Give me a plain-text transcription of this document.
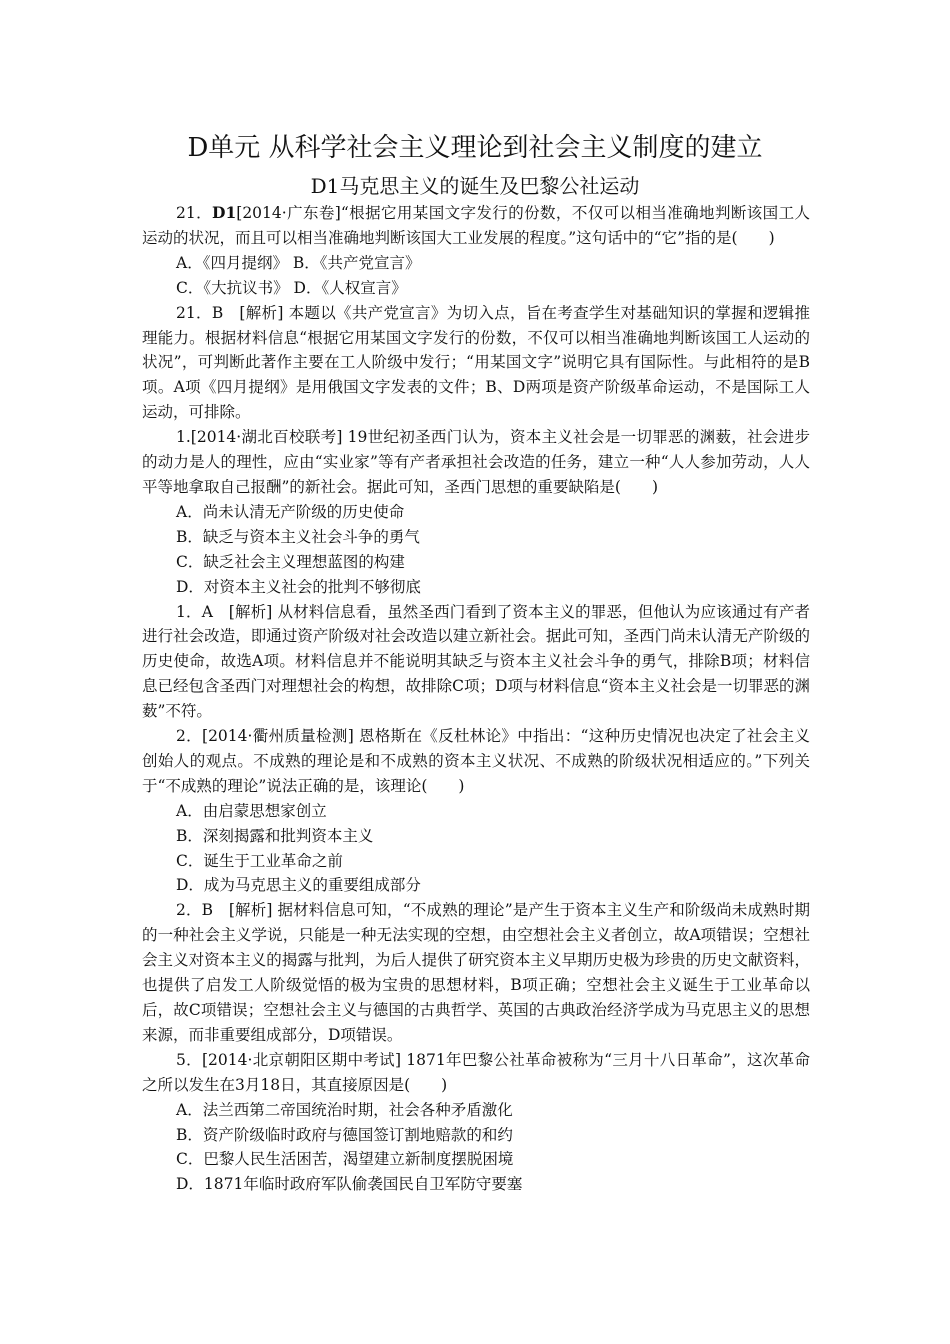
D单元 从科学社会主义理论到社会主义制度的建立
D1马克思主义的诞生及巴黎公社运动

21．D1[2014·广东卷]“根据它用某国文字发行的份数，不仅可以相当准确地判断该国工人运动的状况，而且可以相当准确地判断该国大工业发展的程度。”这句话中的“它”指的是(　　)

A．《四月提纲》 B．《共产党宣言》

C．《大抗议书》 D．《人权宣言》

21．B　[解析] 本题以《共产党宣言》为切入点，旨在考查学生对基础知识的掌握和逻辑推理能力。根据材料信息“根据它用某国文字发行的份数，不仅可以相当准确地判断该国工人运动的状况”，可判断此著作主要在工人阶级中发行；“用某国文字”说明它具有国际性。与此相符的是B项。A项《四月提纲》是用俄国文字发表的文件；B、D两项是资产阶级革命运动，不是国际工人运动，可排除。

1.[2014·湖北百校联考] 19世纪初圣西门认为，资本主义社会是一切罪恶的渊薮，社会进步的动力是人的理性，应由“实业家”等有产者承担社会改造的任务，建立一种“人人参加劳动，人人平等地拿取自己报酬”的新社会。据此可知，圣西门思想的重要缺陷是(　　)

A．尚未认清无产阶级的历史使命

B．缺乏与资本主义社会斗争的勇气

C．缺乏社会主义理想蓝图的构建

D．对资本主义社会的批判不够彻底

1．A　[解析] 从材料信息看，虽然圣西门看到了资本主义的罪恶，但他认为应该通过有产者进行社会改造，即通过资产阶级对社会改造以建立新社会。据此可知，圣西门尚未认清无产阶级的历史使命，故选A项。材料信息并不能说明其缺乏与资本主义社会斗争的勇气，排除B项；材料信息已经包含圣西门对理想社会的构想，故排除C项；D项与材料信息“资本主义社会是一切罪恶的渊薮”不符。

2．[2014·衢州质量检测] 恩格斯在《反杜林论》中指出：“这种历史情况也决定了社会主义创始人的观点。不成熟的理论是和不成熟的资本主义状况、不成熟的阶级状况相适应的。”下列关于“不成熟的理论”说法正确的是，该理论(　　)

A．由启蒙思想家创立

B．深刻揭露和批判资本主义

C．诞生于工业革命之前

D．成为马克思主义的重要组成部分

2．B　[解析] 据材料信息可知，“不成熟的理论”是产生于资本主义生产和阶级尚未成熟时期的一种社会主义学说，只能是一种无法实现的空想，由空想社会主义者创立，故A项错误；空想社会主义对资本主义的揭露与批判，为后人提供了研究资本主义早期历史极为珍贵的历史文献资料，也提供了启发工人阶级觉悟的极为宝贵的思想材料，B项正确；空想社会主义诞生于工业革命以后，故C项错误；空想社会主义与德国的古典哲学、英国的古典政治经济学成为马克思主义的思想来源，而非重要组成部分，D项错误。

5．[2014·北京朝阳区期中考试] 1871年巴黎公社革命被称为“三月十八日革命”，这次革命之所以发生在3月18日，其直接原因是(　　)

A．法兰西第二帝国统治时期，社会各种矛盾激化

B．资产阶级临时政府与德国签订割地赔款的和约

C．巴黎人民生活困苦，渴望建立新制度摆脱困境

D．1871年临时政府军队偷袭国民自卫军防守要塞
